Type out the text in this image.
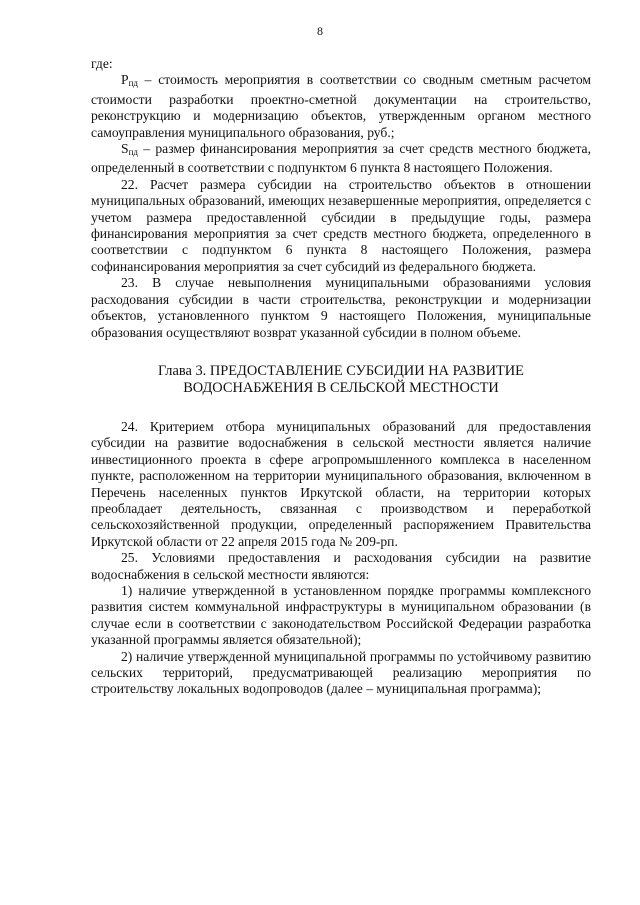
8

где:

$P_{пд}$ – стоимость мероприятия в соответствии со сводным сметным расчетом стоимости разработки проектно-сметной документации на строительство, реконструкцию и модернизацию объектов, утвержденным органом местного самоуправления муниципального образования, руб.;

$S_{пд}$ – размер финансирования мероприятия за счет средств местного бюджета, определенный в соответствии с подпунктом 6 пункта 8 настоящего Положения.

22. Расчет размера субсидии на строительство объектов в отношении муниципальных образований, имеющих незавершенные мероприятия, определяется с учетом размера предоставленной субсидии в предыдущие годы, размера финансирования мероприятия за счет средств местного бюджета, определенного в соответствии с подпунктом 6 пункта 8 настоящего Положения, размера софинансирования мероприятия за счет субсидий из федерального бюджета.

23. В случае невыполнения муниципальными образованиями условия расходования субсидии в части строительства, реконструкции и модернизации объектов, установленного пунктом 9 настоящего Положения, муниципальные образования осуществляют возврат указанной субсидии в полном объеме.

Глава 3. ПРЕДОСТАВЛЕНИЕ СУБСИДИИ НА РАЗВИТИЕ
ВОДОСНАБЖЕНИЯ В СЕЛЬСКОЙ МЕСТНОСТИ

24. Критерием отбора муниципальных образований для предоставления субсидии на развитие водоснабжения в сельской местности является наличие инвестиционного проекта в сфере агропромышленного комплекса в населенном пункте, расположенном на территории муниципального образования, включенном в Перечень населенных пунктов Иркутской области, на территории которых преобладает деятельность, связанная с производством и переработкой сельскохозяйственной продукции, определенный распоряжением Правительства Иркутской области от 22 апреля 2015 года № 209-рп.

25. Условиями предоставления и расходования субсидии на развитие водоснабжения в сельской местности являются:

1) наличие утвержденной в установленном порядке программы комплексного развития систем коммунальной инфраструктуры в муниципальном образовании (в случае если в соответствии с законодательством Российской Федерации разработка указанной программы является обязательной);

2) наличие утвержденной муниципальной программы по устойчивому развитию сельских территорий, предусматривающей реализацию мероприятия по строительству локальных водопроводов (далее – муниципальная программа);
